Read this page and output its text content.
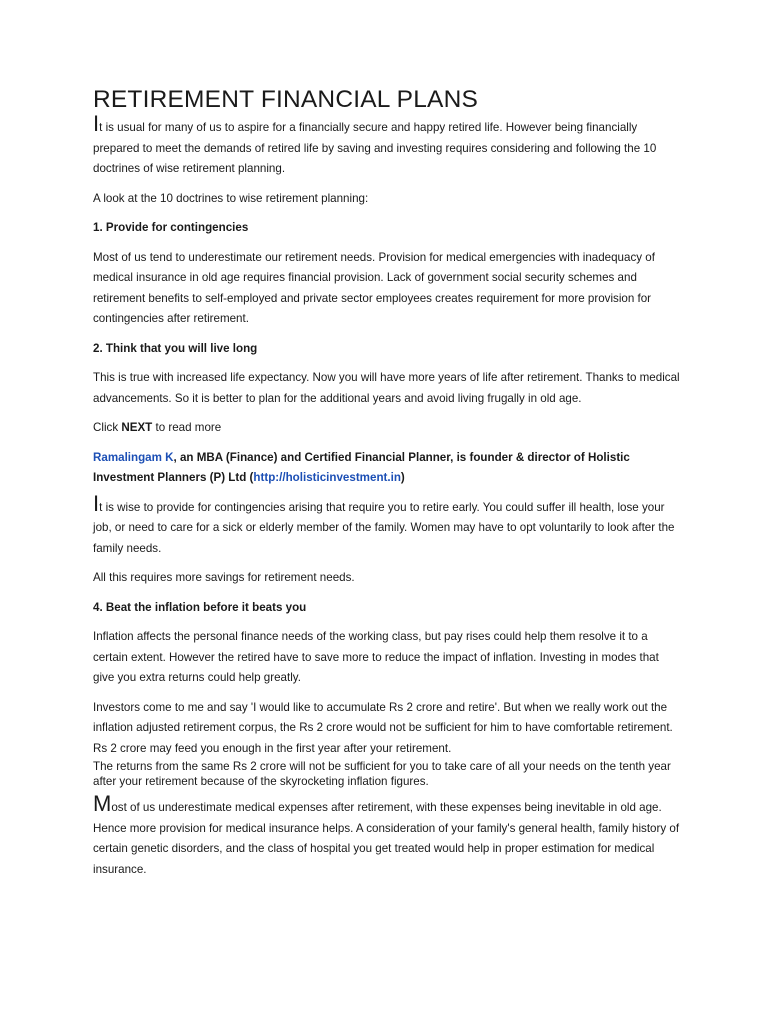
RETIREMENT FINANCIAL PLANS

It is usual for many of us to aspire for a financially secure and happy retired life. However being financially prepared to meet the demands of retired life by saving and investing requires considering and following the 10 doctrines of wise retirement planning.

A look at the 10 doctrines to wise retirement planning:

1. Provide for contingencies

Most of us tend to underestimate our retirement needs. Provision for medical emergencies with inadequacy of medical insurance in old age requires financial provision. Lack of government social security schemes and retirement benefits to self-employed and private sector employees creates requirement for more provision for contingencies after retirement.

2. Think that you will live long

This is true with increased life expectancy. Now you will have more years of life after retirement. Thanks to medical advancements. So it is better to plan for the additional years and avoid living frugally in old age.

Click NEXT to read more

Ramalingam K, an MBA (Finance) and Certified Financial Planner, is founder & director of Holistic Investment Planners (P) Ltd (http://holisticinvestment.in)

It is wise to provide for contingencies arising that require you to retire early. You could suffer ill health, lose your job, or need to care for a sick or elderly member of the family. Women may have to opt voluntarily to look after the family needs.

All this requires more savings for retirement needs.

4. Beat the inflation before it beats you

Inflation affects the personal finance needs of the working class, but pay rises could help them resolve it to a certain extent. However the retired have to save more to reduce the impact of inflation. Investing in modes that give you extra returns could help greatly.

Investors come to me and say 'I would like to accumulate Rs 2 crore and retire'. But when we really work out the inflation adjusted retirement corpus, the Rs 2 crore would not be sufficient for him to have comfortable retirement. Rs 2 crore may feed you enough in the first year after your retirement.

The returns from the same Rs 2 crore will not be sufficient for you to take care of all your needs on the tenth year after your retirement because of the skyrocketing inflation figures.

Most of us underestimate medical expenses after retirement, with these expenses being inevitable in old age. Hence more provision for medical insurance helps. A consideration of your family's general health, family history of certain genetic disorders, and the class of hospital you get treated would help in proper estimation for medical insurance.
